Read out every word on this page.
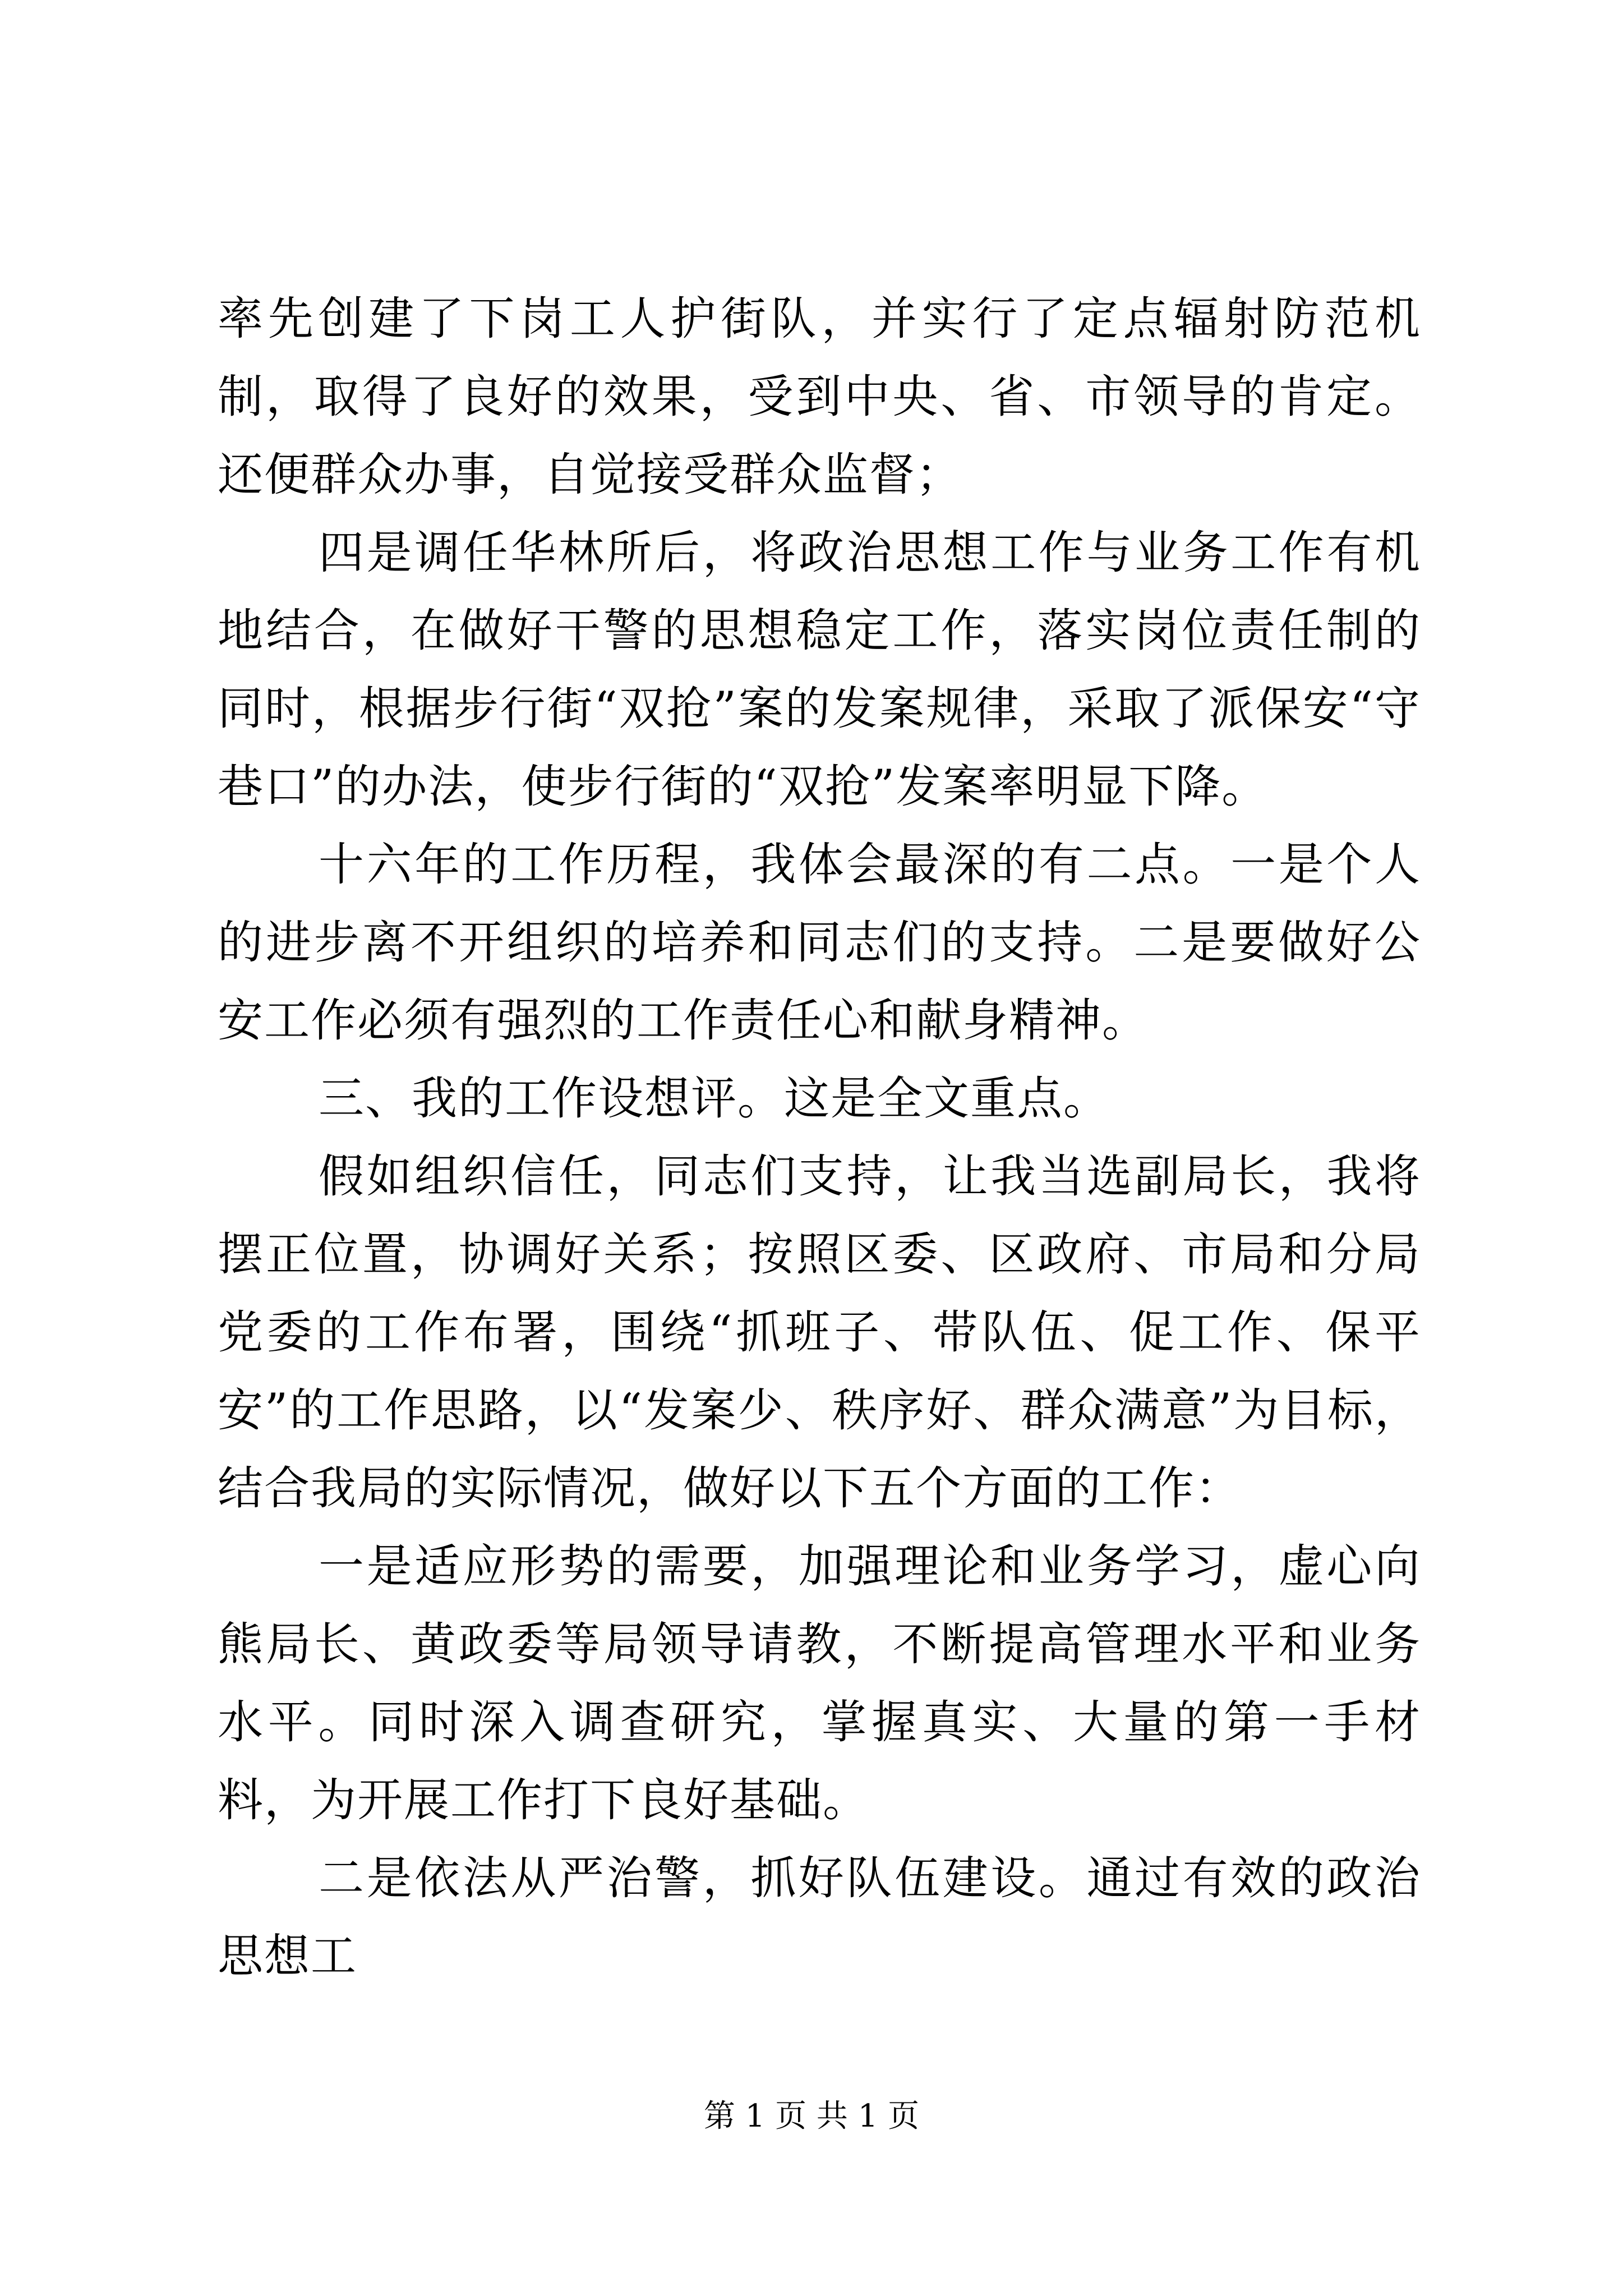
率先创建了下岗工人护街队，并实行了定点辐射防范机制，取得了良好的效果，受到中央、省、市领导的肯定。还便群众办事，自觉接受群众监督；

四是调任华林所后，将政治思想工作与业务工作有机地结合，在做好干警的思想稳定工作，落实岗位责任制的同时，根据步行街“双抢”案的发案规律，采取了派保安“守巷口”的办法，使步行街的“双抢”发案率明显下降。

十六年的工作历程，我体会最深的有二点。一是个人的进步离不开组织的培养和同志们的支持。二是要做好公安工作必须有强烈的工作责任心和献身精神。

三、我的工作设想评。这是全文重点。

假如组织信任，同志们支持，让我当选副局长，我将摆正位置，协调好关系；按照区委、区政府、市局和分局党委的工作布署，围绕“抓班子、带队伍、促工作、保平安”的工作思路，以“发案少、秩序好、群众满意”为目标，结合我局的实际情况，做好以下五个方面的工作：

一是适应形势的需要，加强理论和业务学习，虚心向熊局长、黄政委等局领导请教，不断提高管理水平和业务水平。同时深入调查研究，掌握真实、大量的第一手材料，为开展工作打下良好基础。

二是依法从严治警，抓好队伍建设。通过有效的政治思想工

第 1 页 共 1 页
